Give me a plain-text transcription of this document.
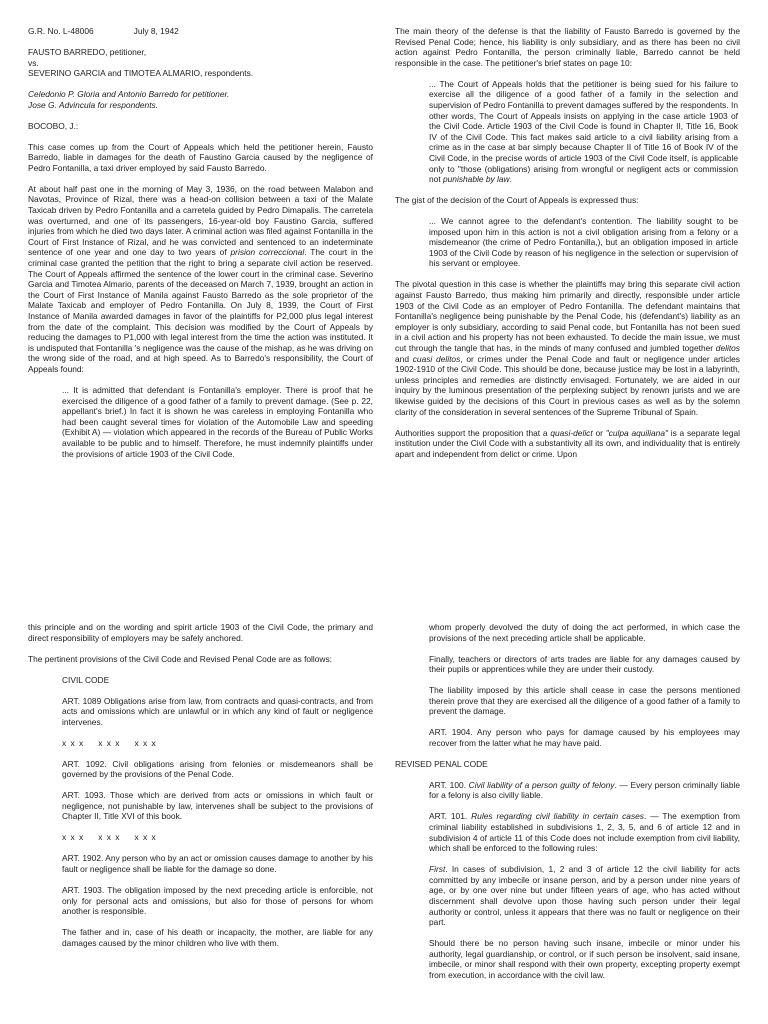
G.R. No. L-48006	July 8, 1942
FAUSTO BARREDO, petitioner,
vs.
SEVERINO GARCIA and TIMOTEA ALMARIO, respondents.
Celedonio P. Gloria and Antonio Barredo for petitioner.
Jose G. Advincula for respondents.
BOCOBO, J.:
This case comes up from the Court of Appeals which held the petitioner herein, Fausto Barredo, liable in damages for the death of Faustino Garcia caused by the negligence of Pedro Fontanilla, a taxi driver employed by said Fausto Barredo.
At about half past one in the morning of May 3, 1936, on the road between Malabon and Navotas, Province of Rizal, there was a head-on collision between a taxi of the Malate Taxicab driven by Pedro Fontanilla and a carretela guided by Pedro Dimapalis. The carretela was overturned, and one of its passengers, 16-year-old boy Faustino Garcia, suffered injuries from which he died two days later. A criminal action was filed against Fontanilla in the Court of First Instance of Rizal, and he was convicted and sentenced to an indeterminate sentence of one year and one day to two years of prision correccional. The court in the criminal case granted the petition that the right to bring a separate civil action be reserved. The Court of Appeals affirmed the sentence of the lower court in the criminal case. Severino Garcia and Timotea Almario, parents of the deceased on March 7, 1939, brought an action in the Court of First Instance of Manila against Fausto Barredo as the sole proprietor of the Malate Taxicab and employer of Pedro Fontanilla. On July 8, 1939, the Court of First Instance of Manila awarded damages in favor of the plaintiffs for P2,000 plus legal interest from the date of the complaint. This decision was modified by the Court of Appeals by reducing the damages to P1,000 with legal interest from the time the action was instituted. It is undisputed that Fontanilla 's negligence was the cause of the mishap, as he was driving on the wrong side of the road, and at high speed. As to Barredo's responsibility, the Court of Appeals found:
... It is admitted that defendant is Fontanilla's employer. There is proof that he exercised the diligence of a good father of a family to prevent damage. (See p. 22, appellant's brief.) In fact it is shown he was careless in employing Fontanilla who had been caught several times for violation of the Automobile Law and speeding (Exhibit A) — violation which appeared in the records of the Bureau of Public Works available to be public and to himself. Therefore, he must indemnify plaintiffs under the provisions of article 1903 of the Civil Code.
The main theory of the defense is that the liability of Fausto Barredo is governed by the Revised Penal Code; hence, his liability is only subsidiary, and as there has been no civil action against Pedro Fontanilla, the person criminally liable, Barredo cannot be held responsible in the case. The petitioner's brief states on page 10:
... The Court of Appeals holds that the petitioner is being sued for his failure to exercise all the diligence of a good father of a family in the selection and supervision of Pedro Fontanilla to prevent damages suffered by the respondents. In other words, The Court of Appeals insists on applying in the case article 1903 of the Civil Code. Article 1903 of the Civil Code is found in Chapter II, Title 16, Book IV of the Civil Code. This fact makes said article to a civil liability arising from a crime as in the case at bar simply because Chapter II of Title 16 of Book IV of the Civil Code, in the precise words of article 1903 of the Civil Code itself, is applicable only to "those (obligations) arising from wrongful or negligent acts or commission not punishable by law.
The gist of the decision of the Court of Appeals is expressed thus:
... We cannot agree to the defendant's contention. The liability sought to be imposed upon him in this action is not a civil obligation arising from a felony or a misdemeanor (the crime of Pedro Fontanilla,), but an obligation imposed in article 1903 of the Civil Code by reason of his negligence in the selection or supervision of his servant or employee.
The pivotal question in this case is whether the plaintiffs may bring this separate civil action against Fausto Barredo, thus making him primarily and directly, responsible under article 1903 of the Civil Code as an employer of Pedro Fontanilla. The defendant maintains that Fontanilla's negligence being punishable by the Penal Code, his (defendant's) liability as an employer is only subsidiary, according to said Penal code, but Fontanilla has not been sued in a civil action and his property has not been exhausted. To decide the main issue, we must cut through the tangle that has, in the minds of many confused and jumbled together delitos and cuasi delitos, or crimes under the Penal Code and fault or negligence under articles 1902-1910 of the Civil Code. This should be done, because justice may be lost in a labyrinth, unless principles and remedies are distinctly envisaged. Fortunately, we are aided in our inquiry by the luminous presentation of the perplexing subject by renown jurists and we are likewise guided by the decisions of this Court in previous cases as well as by the solemn clarity of the consideration in several sentences of the Supreme Tribunal of Spain.
Authorities support the proposition that a quasi-delict or "culpa aquiliana" is a separate legal institution under the Civil Code with a substantivity all its own, and individuality that is entirely apart and independent from delict or crime. Upon
this principle and on the wording and spirit article 1903 of the Civil Code, the primary and direct responsibility of employers may be safely anchored.
The pertinent provisions of the Civil Code and Revised Penal Code are as follows:
CIVIL CODE
ART. 1089 Obligations arise from law, from contracts and quasi-contracts, and from acts and omissions which are unlawful or in which any kind of fault or negligence intervenes.
x x x x x x x x x
ART. 1092. Civil obligations arising from felonies or misdemeanors shall be governed by the provisions of the Penal Code.
ART. 1093. Those which are derived from acts or omissions in which fault or negligence, not punishable by law, intervenes shall be subject to the provisions of Chapter II, Title XVI of this book.
x x x x x x x x x
ART. 1902. Any person who by an act or omission causes damage to another by his fault or negligence shall be liable for the damage so done.
ART. 1903. The obligation imposed by the next preceding article is enforcible, not only for personal acts and omissions, but also for those of persons for whom another is responsible.
The father and in, case of his death or incapacity, the mother, are liable for any damages caused by the minor children who live with them.
whom properly devolved the duty of doing the act performed, in which case the provisions of the next preceding article shall be applicable.
Finally, teachers or directors of arts trades are liable for any damages caused by their pupils or apprentices while they are under their custody.
The liability imposed by this article shall cease in case the persons mentioned therein prove that they are exercised all the diligence of a good father of a family to prevent the damage.
ART. 1904. Any person who pays for damage caused by his employees may recover from the latter what he may have paid.
REVISED PENAL CODE
ART. 100. Civil liability of a person guilty of felony. — Every person criminally liable for a felony is also civilly liable.
ART. 101. Rules regarding civil liability in certain cases. — The exemption from criminal liability established in subdivisions 1, 2, 3, 5, and 6 of article 12 and in subdivision 4 of article 11 of this Code does not include exemption from civil liability, which shall be enforced to the following rules:
First. In cases of subdivision, 1, 2 and 3 of article 12 the civil liability for acts committed by any imbecile or insane person, and by a person under nine years of age, or by one over nine but under fifteen years of age, who has acted without discernment shall devolve upon those having such person under their legal authority or control, unless it appears that there was no fault or negligence on their part.
Should there be no person having such insane, imbecile or minor under his authority, legal guardianship, or control, or if such person be insolvent, said insane, imbecile, or minor shall respond with their own property, excepting property exempt from execution, in accordance with the civil law.
